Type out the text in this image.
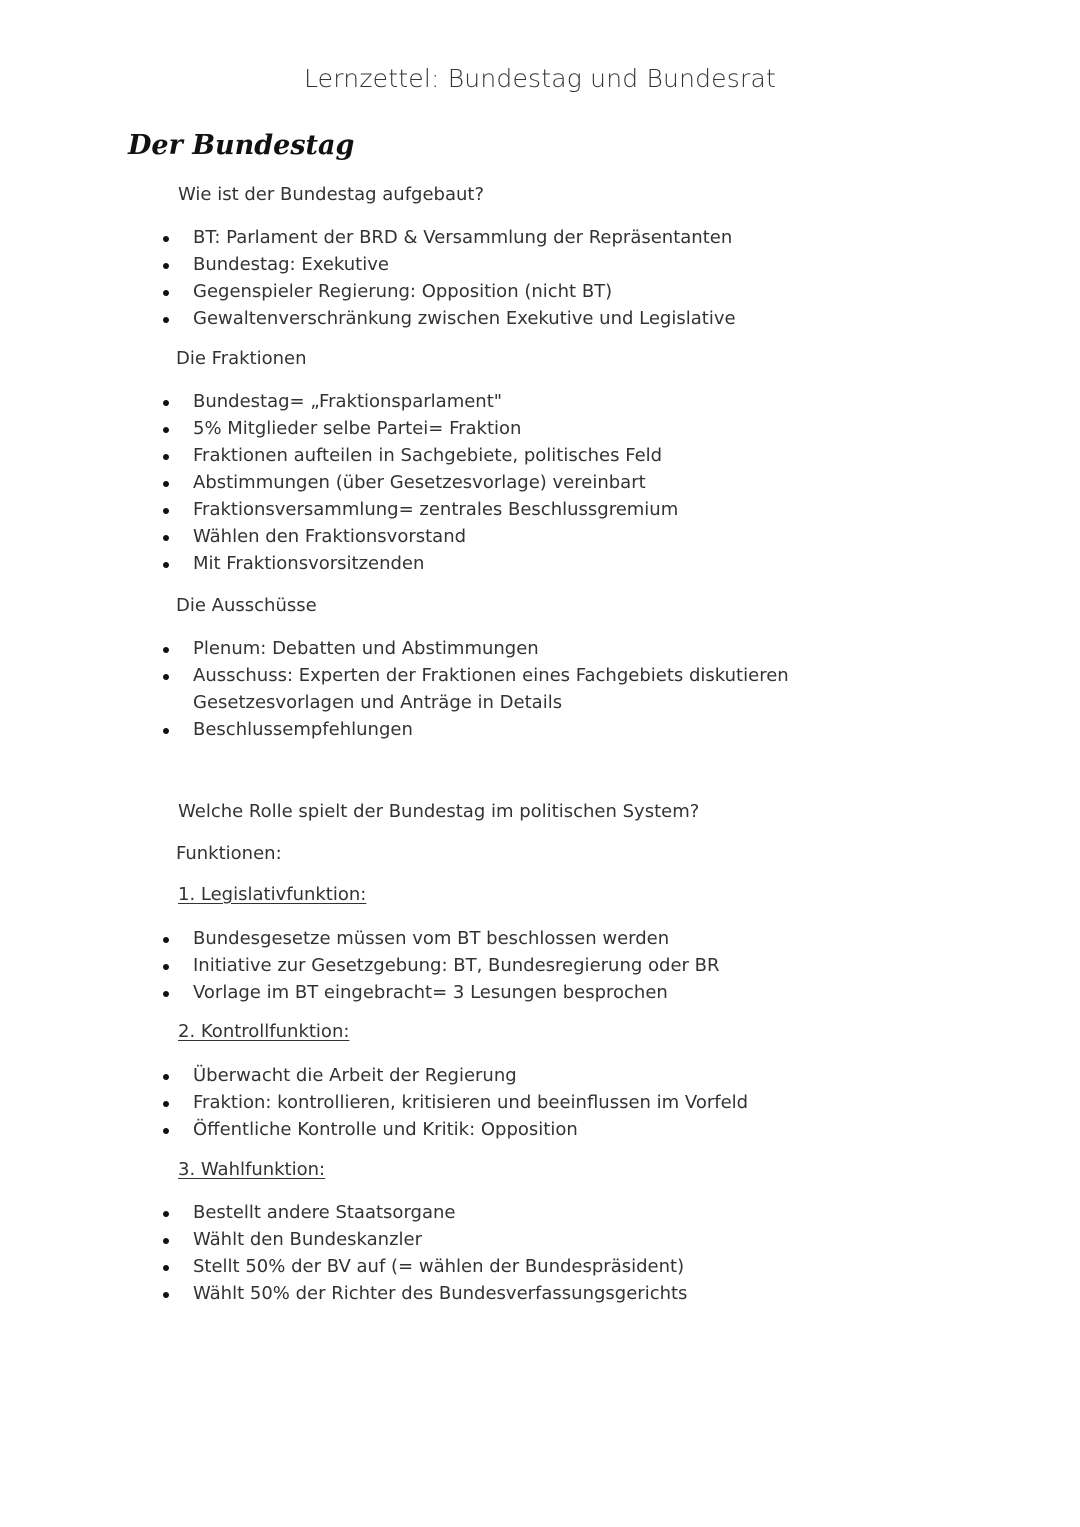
Lernzettel: Bundestag und Bundesrat
Der Bundestag
Wie ist der Bundestag aufgebaut?
BT: Parlament der BRD & Versammlung der Repräsentanten
Bundestag: Exekutive
Gegenspieler Regierung: Opposition (nicht BT)
Gewaltenverschränkung zwischen Exekutive und Legislative
Die Fraktionen
Bundestag= „Fraktionsparlament"
5% Mitglieder selbe Partei= Fraktion
Fraktionen aufteilen in Sachgebiete, politisches Feld
Abstimmungen (über Gesetzesvorlage) vereinbart
Fraktionsversammlung= zentrales Beschlussgremium
Wählen den Fraktionsvorstand
Mit Fraktionsvorsitzenden
Die Ausschüsse
Plenum: Debatten und Abstimmungen
Ausschuss: Experten der Fraktionen eines Fachgebiets diskutieren Gesetzesvorlagen und Anträge in Details
Beschlussempfehlungen
Welche Rolle spielt der Bundestag im politischen System?
Funktionen:
1. Legislativfunktion:
Bundesgesetze müssen vom BT beschlossen werden
Initiative zur Gesetzgebung: BT, Bundesregierung oder BR
Vorlage im BT eingebracht= 3 Lesungen besprochen
2. Kontrollfunktion:
Überwacht die Arbeit der Regierung
Fraktion: kontrollieren, kritisieren und beeinflussen im Vorfeld
Öffentliche Kontrolle und Kritik: Opposition
3. Wahlfunktion:
Bestellt andere Staatsorgane
Wählt den Bundeskanzler
Stellt 50% der BV auf (= wählen der Bundespräsident)
Wählt 50% der Richter des Bundesverfassungsgerichts
